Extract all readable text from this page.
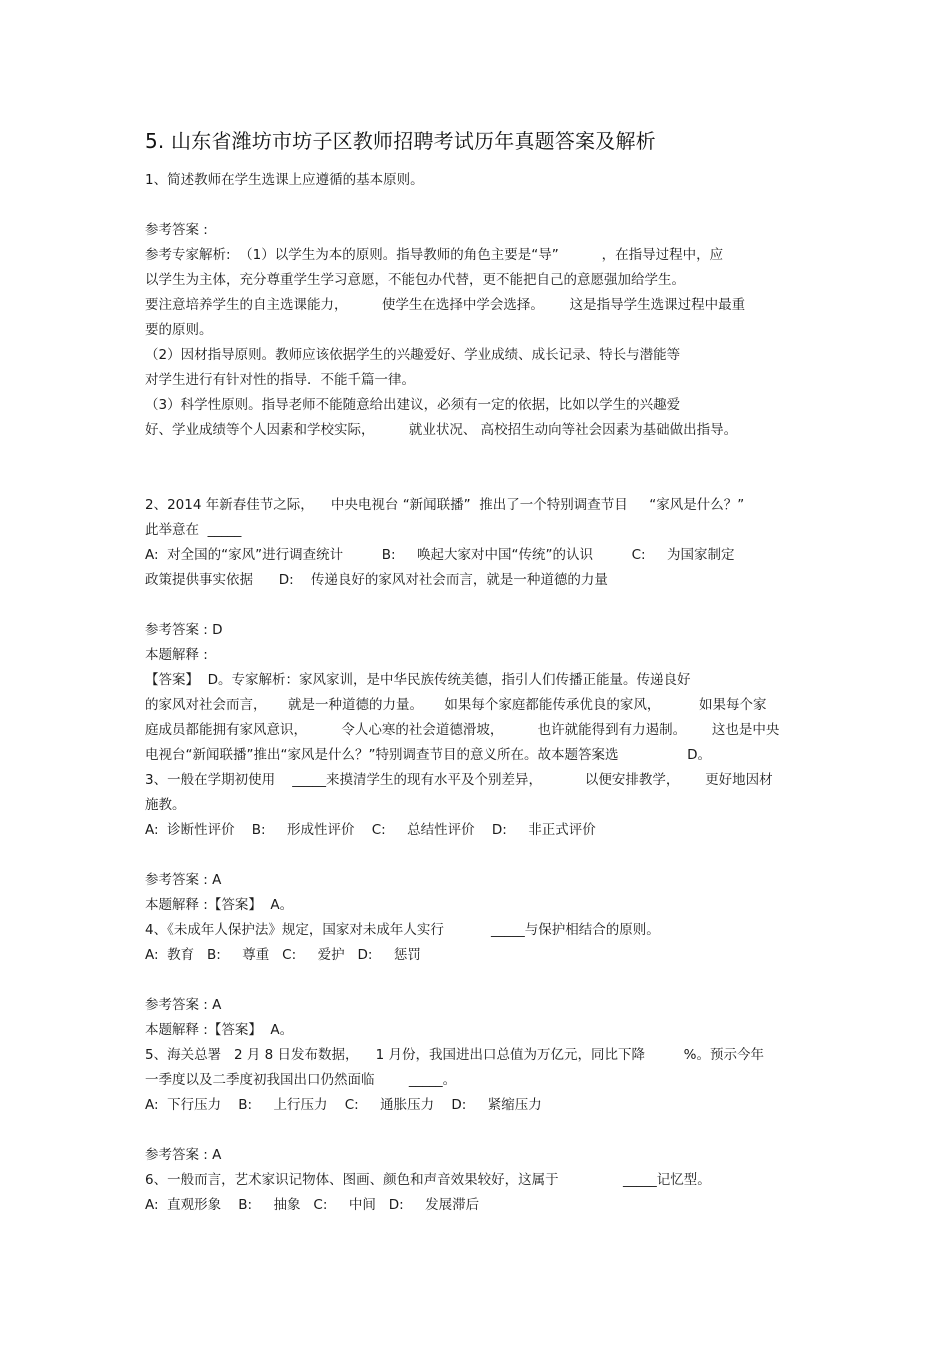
5. 山东省潍坊市坊子区教师招聘考试历年真题答案及解析
1、简述教师在学生选课上应遵循的基本原则。
参考答案 :
参考专家解析:  （1）以学生为本的原则。指导教师的角色主要是“导”          ，在指导过程中，应
以学生为主体，充分尊重学生学习意愿，不能包办代替，更不能把自己的意愿强加给学生。
要注意培养学生的自主选课能力，        使学生在选择中学会选择。      这是指导学生选课过程中最重
要的原则。
（2）因材指导原则。教师应该依据学生的兴趣爱好、学业成绩、成长记录、特长与潜能等
对学生进行有针对性的指导．不能千篇一律。
（3）科学性原则。指导老师不能随意给出建议，必须有一定的依据，比如以学生的兴趣爱
好、学业成绩等个人因素和学校实际，        就业状况、 高校招生动向等社会因素为基础做出指导。
2、2014 年新春佳节之际，    中央电视台 “新闻联播”  推出了一个特别调查节目     “家风是什么？”
此举意在  _____
A:  对全国的“家风”进行调查统计         B:     唤起大家对中国“传统”的认识         C:     为国家制定
政策提供事实依据      D:    传递良好的家风对社会而言，就是一种道德的力量
参考答案 : D
本题解释 :
【答案】  D。专家解析：家风家训，是中华民族传统美德，指引人们传播正能量。传递良好
的家风对社会而言，     就是一种道德的力量。     如果每个家庭都能传承优良的家风，         如果每个家
庭成员都能拥有家风意识，        令人心寒的社会道德滑坡，        也许就能得到有力遏制。      这也是中央
电视台“新闻联播”推出“家风是什么？”特别调查节目的意义所在。故本题答案选                D。
3、一般在学期初使用    _____来摸清学生的现有水平及个别差异，          以便安排教学，      更好地因材
施教。
A:  诊断性评价    B:     形成性评价    C:     总结性评价    D:     非正式评价
参考答案 : A
本题解释 :【答案】  A。
4、《未成年人保护法》规定，国家对未成年人实行           _____与保护相结合的原则。
A:  教育   B:     尊重   C:     爱护   D:     惩罚
参考答案 : A
本题解释 :【答案】  A。
5、海关总署   2 月 8 日发布数据，    1 月份，我国进出口总值为万亿元，同比下降         %。预示今年
一季度以及二季度初我国出口仍然面临        _____。
A:  下行压力    B:     上行压力    C:     通胀压力    D:     紧缩压力
参考答案 : A
6、一般而言，艺术家识记物体、图画、颜色和声音效果较好，这属于               _____记忆型。
A:  直观形象    B:     抽象   C:     中间   D:     发展滞后
